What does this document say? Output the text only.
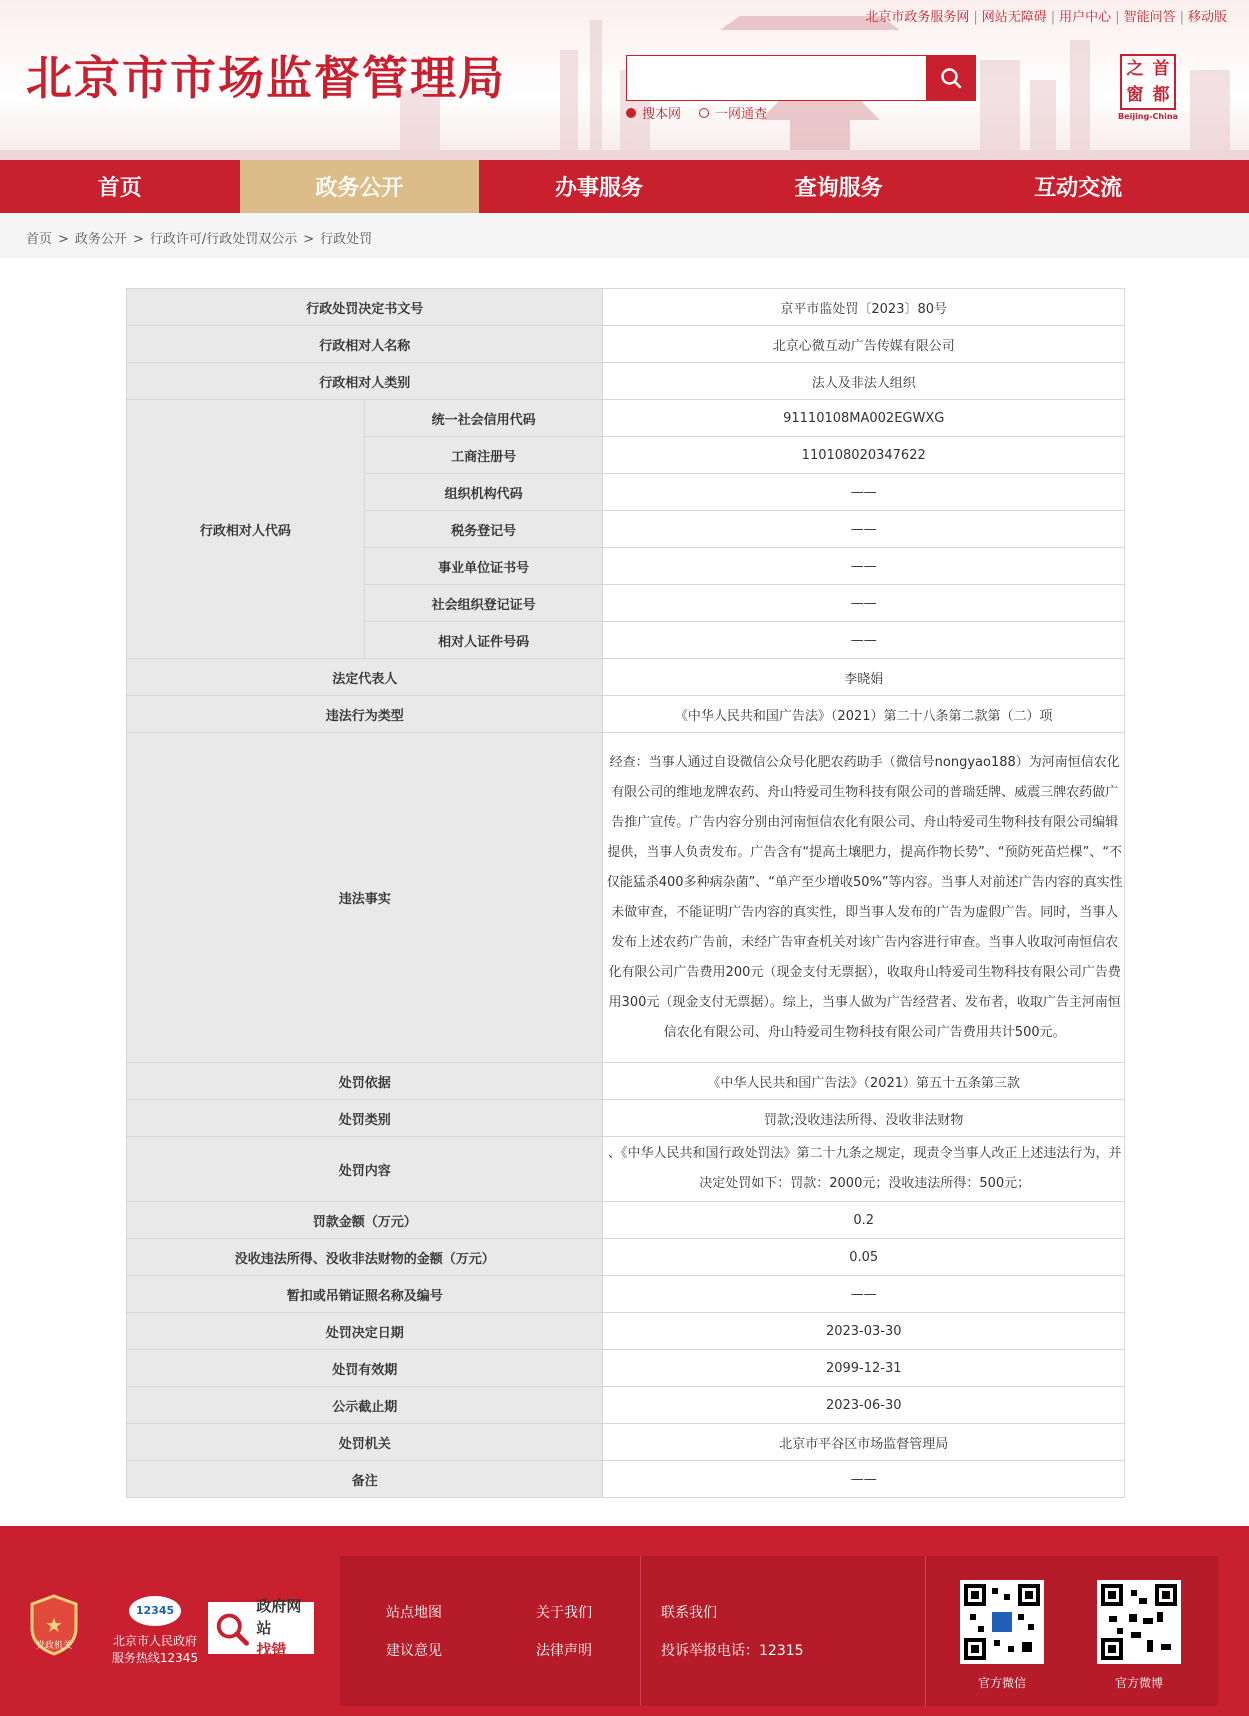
北京市市场监督管理局
北京市政务服务网 | 网站无障碍 | 用户中心 | 智能问答 | 移动版
搜本网	一网通查
之 首
窗 都
Beijing-China
首页	政务公开	办事服务	查询服务	互动交流
首页 > 政务公开 > 行政许可/行政处罚双公示 > 行政处罚
行政处罚决定书文号		京平市监处罚〔2023〕80号
行政相对人名称		北京心微互动广告传媒有限公司
行政相对人类别		法人及非法人组织
行政相对人代码	统一社会信用代码	91110108MA002EGWXG
	工商注册号	110108020347622
	组织机构代码	——
	税务登记号	——
	事业单位证书号	——
	社会组织登记证号	——
	相对人证件号码	——
法定代表人		李晓娟
违法行为类型		《中华人民共和国广告法》（2021）第二十八条第二款第（二）项
违法事实		经查：当事人通过自设微信公众号化肥农药助手（微信号nongyao188）为河南恒信农化有限公司的维地龙牌农药、舟山特爱司生物科技有限公司的普瑞廷牌、威震三牌农药做广告推广宣传。广告内容分别由河南恒信农化有限公司、舟山特爱司生物科技有限公司编辑提供，当事人负责发布。广告含有“提高土壤肥力，提高作物长势”、“预防死苗烂棵”、“不仅能猛杀400多种病杂菌”、“单产至少增收50%”等内容。当事人对前述广告内容的真实性未做审查，不能证明广告内容的真实性，即当事人发布的广告为虚假广告。同时，当事人发布上述农药广告前，未经广告审查机关对该广告内容进行审查。当事人收取河南恒信农化有限公司广告费用200元（现金支付无票据），收取舟山特爱司生物科技有限公司广告费用300元（现金支付无票据）。综上，当事人做为广告经营者、发布者，收取广告主河南恒信农化有限公司、舟山特爱司生物科技有限公司广告费用共计500元。
处罚依据		《中华人民共和国广告法》（2021）第五十五条第三款
处罚类别		罚款;没收违法所得、没收非法财物
处罚内容		、《中华人民共和国行政处罚法》第二十九条之规定，现责令当事人改正上述违法行为，并决定处罚如下：罚款：2000元；没收违法所得：500元；
罚款金额（万元）		0.2
没收违法所得、没收非法财物的金额（万元）		0.05
暂扣或吊销证照名称及编号		——
处罚决定日期		2023-03-30
处罚有效期		2099-12-31
公示截止期		2023-06-30
处罚机关		北京市平谷区市场监督管理局
备注		——
★
党政机关
12345
北京市人民政府服务热线12345
政府网站
找错
站点地图	关于我们	联系我们
建议意见	法律声明	投诉举报电话：12315
官方微信	官方微博
